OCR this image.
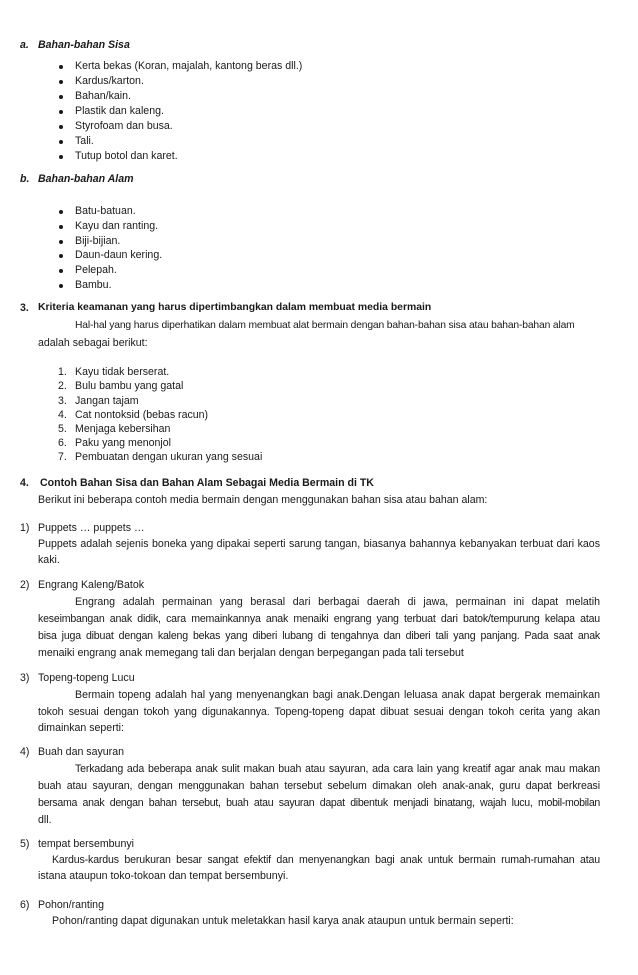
a. Bahan-bahan Sisa
Kerta bekas (Koran, majalah, kantong beras dll.)
Kardus/karton.
Bahan/kain.
Plastik dan kaleng.
Styrofoam dan busa.
Tali.
Tutup botol dan karet.
b. Bahan-bahan Alam
Batu-batuan.
Kayu dan ranting.
Biji-bijian.
Daun-daun kering.
Pelepah.
Bambu.
3. Kriteria keamanan yang harus dipertimbangkan dalam membuat media bermain
Hal-hal yang harus diperhatikan dalam membuat alat bermain dengan bahan-bahan sisa atau bahan-bahan alam
adalah sebagai berikut:
1. Kayu tidak berserat.
2. Bulu bambu yang gatal
3. Jangan tajam
4. Cat nontoksid (bebas racun)
5. Menjaga kebersihan
6. Paku yang menonjol
7. Pembuatan dengan ukuran yang sesuai
4. Contoh Bahan Sisa dan Bahan Alam Sebagai Media Bermain di TK
Berikut ini beberapa contoh media bermain dengan menggunakan bahan sisa atau bahan alam:
1) Puppets … puppets …
Puppets adalah sejenis boneka yang dipakai seperti sarung tangan, biasanya bahannya kebanyakan terbuat dari kaos
kaki.
2) Engrang Kaleng/Batok
Engrang adalah permainan yang berasal dari berbagai daerah di jawa, permainan ini dapat melatih
keseimbangan anak didik, cara memainkannya anak menaiki engrang yang terbuat dari batok/tempurung kelapa atau
bisa juga dibuat dengan kaleng bekas yang diberi lubang di tengahnya dan diberi tali yang panjang. Pada saat anak
menaiki engrang anak memegang tali dan berjalan dengan berpegangan pada tali tersebut
3) Topeng-topeng Lucu
Bermain topeng adalah hal yang menyenangkan bagi anak.Dengan leluasa anak dapat bergerak memainkan
tokoh sesuai dengan tokoh yang digunakannya. Topeng-topeng dapat dibuat sesuai dengan tokoh cerita yang akan
dimainkan seperti:
4) Buah dan sayuran
Terkadang ada beberapa anak sulit makan buah atau sayuran, ada cara lain yang kreatif agar anak mau makan
buah atau sayuran, dengan menggunakan bahan tersebut sebelum dimakan oleh anak-anak, guru dapat berkreasi
bersama anak dengan bahan tersebut, buah atau sayuran dapat dibentuk menjadi binatang, wajah lucu, mobil-mobilan
dll.
5) tempat bersembunyi
Kardus-kardus berukuran besar sangat efektif dan menyenangkan bagi anak untuk bermain rumah-rumahan atau
istana ataupun toko-tokoan dan tempat bersembunyi.
6) Pohon/ranting
Pohon/ranting dapat digunakan untuk meletakkan hasil karya anak ataupun untuk bermain seperti:
